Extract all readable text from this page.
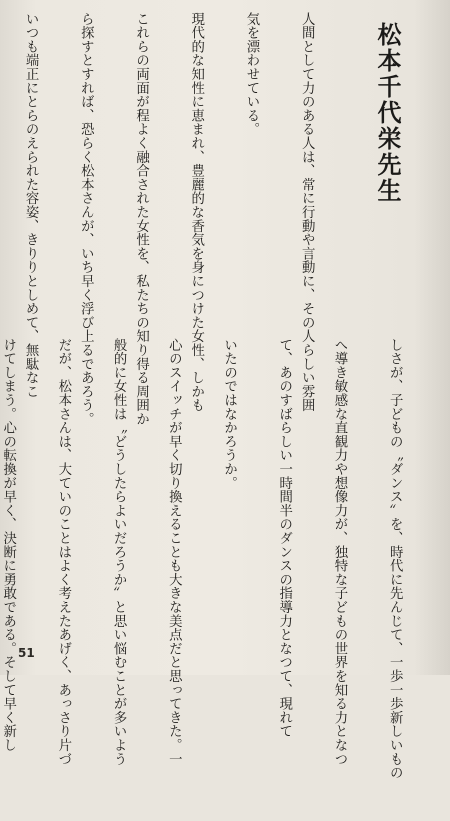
人間として力のある人は、常に行動や言動に、その人らしい雰囲

気を漂わせている。

現代的な知性に恵まれ、豊麗的な香気を身につけた女性、しかも

これらの両面が程よく融合された女性を、私たちの知り得る周囲か

ら探すとすれば、恐らく松本さんが、いち早く浮び上るであろう。

いつも端正にとらのえられた容姿、きりりとしめて、無駄なこ

	松本千代栄先生

しさが、子どもの〝ダンス〟を、時代に先んじて、一歩一歩新しいもの

へ導き敏感な直観力や想像力が、独特な子どもの世界を知る力となつ

て、あのすばらしい一時間半のダンスの指導力となつて、現れて

いたのではなかろうか。

心のスイッチが早く切り換えることも大きな美点だと思ってきた。一

般的に女性は〝どうしたらよいだろうか〟と思い悩むことが多いよう

だが、松本さんは、大ていのことはよく考えたあげく、あっさり片づ

けてしまう。心の転換が早く、決断に勇敢である。そして早く新し

51
